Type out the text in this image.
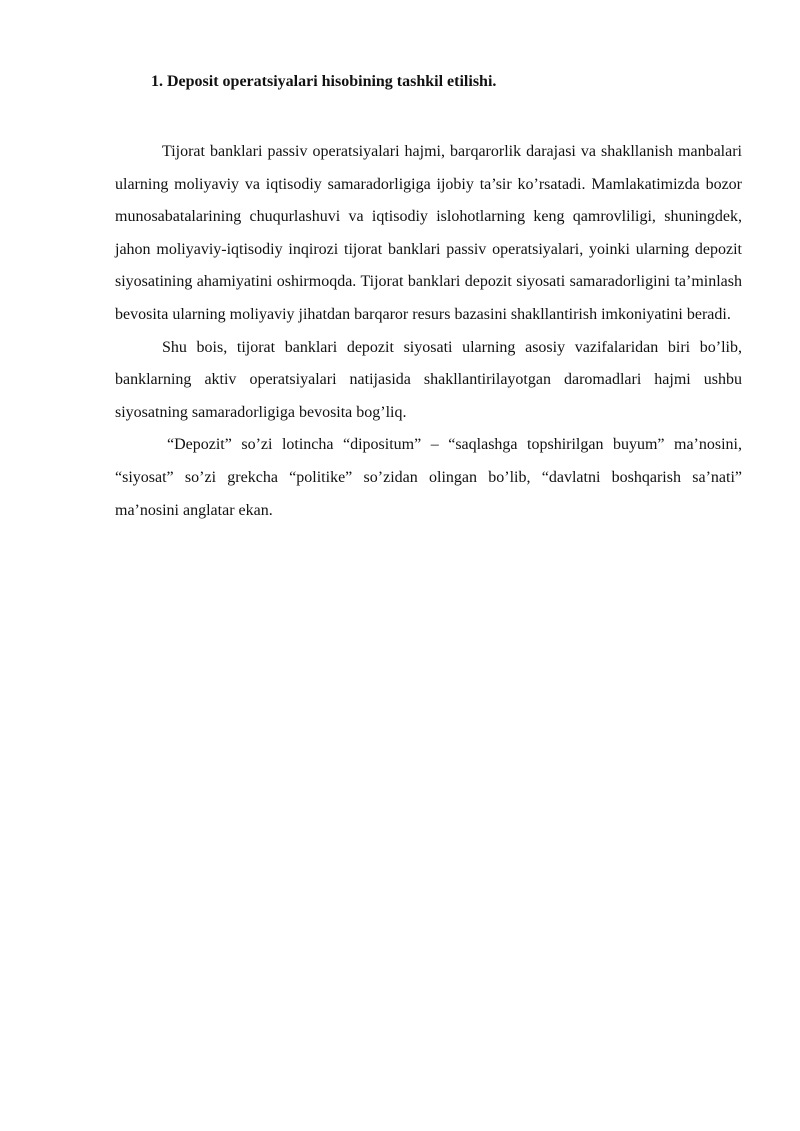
1. Deposit operatsiyalari hisobining tashkil etilishi.

Tijorat banklari passiv operatsiyalari hajmi, barqarorlik darajasi va shakllanish manbalari ularning moliyaviy va iqtisodiy samaradorligiga ijobiy ta’sir ko’rsatadi. Mamlakatimizda bozor munosabatalarining chuqurlashuvi va iqtisodiy islohotlarning keng qamrovliligi, shuningdek, jahon moliyaviy-iqtisodiy inqirozi tijorat banklari passiv operatsiyalari, yoinki ularning depozit siyosatining ahamiyatini oshirmoqda. Tijorat banklari depozit siyosati samaradorligini ta’minlash bevosita ularning moliyaviy jihatdan barqaror resurs bazasini shakllantirish imkoniyatini beradi.

Shu bois, tijorat banklari depozit siyosati ularning asosiy vazifalaridan biri bo’lib, banklarning aktiv operatsiyalari natijasida shakllantirilayotgan daromadlari hajmi ushbu siyosatning samaradorligiga bevosita bog’liq.

“Depozit” so’zi lotincha “dipositum” – “saqlashga topshirilgan buyum” ma’nosini, “siyosat” so’zi grekcha “politike” so’zidan olingan bo’lib, “davlatni boshqarish sa’nati” ma’nosini anglatar ekan.
